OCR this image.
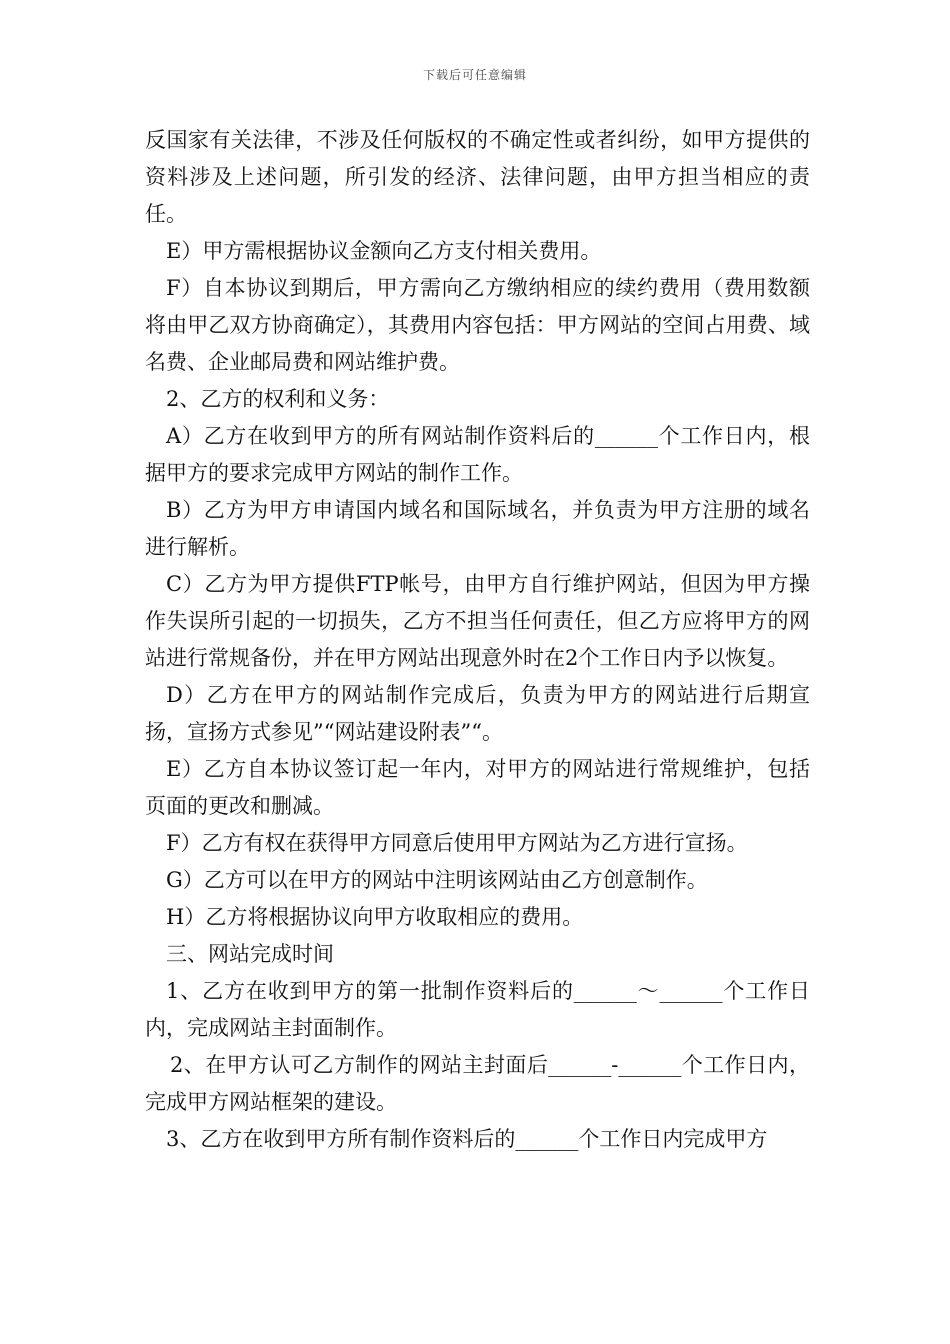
下载后可任意编辑

反国家有关法律，不涉及任何版权的不确定性或者纠纷，如甲方提供的资料涉及上述问题，所引发的经济、法律问题，由甲方担当相应的责任。

E）甲方需根据协议金额向乙方支付相关费用。

F）自本协议到期后，甲方需向乙方缴纳相应的续约费用（费用数额将由甲乙双方协商确定），其费用内容包括：甲方网站的空间占用费、域名费、企业邮局费和网站维护费。

2、乙方的权利和义务：

A）乙方在收到甲方的所有网站制作资料后的______个工作日内，根据甲方的要求完成甲方网站的制作工作。

B）乙方为甲方申请国内域名和国际域名，并负责为甲方注册的域名进行解析。

C）乙方为甲方提供FTP帐号，由甲方自行维护网站，但因为甲方操作失误所引起的一切损失，乙方不担当任何责任，但乙方应将甲方的网站进行常规备份，并在甲方网站出现意外时在2个工作日内予以恢复。

D）乙方在甲方的网站制作完成后，负责为甲方的网站进行后期宣扬，宣扬方式参见”“网站建设附表”“。

E）乙方自本协议签订起一年内，对甲方的网站进行常规维护，包括页面的更改和删减。

F）乙方有权在获得甲方同意后使用甲方网站为乙方进行宣扬。

G）乙方可以在甲方的网站中注明该网站由乙方创意制作。

H）乙方将根据协议向甲方收取相应的费用。

三、网站完成时间

1、乙方在收到甲方的第一批制作资料后的______～______个工作日内，完成网站主封面制作。

2、在甲方认可乙方制作的网站主封面后______-______个工作日内，完成甲方网站框架的建设。

3、乙方在收到甲方所有制作资料后的______个工作日内完成甲方
